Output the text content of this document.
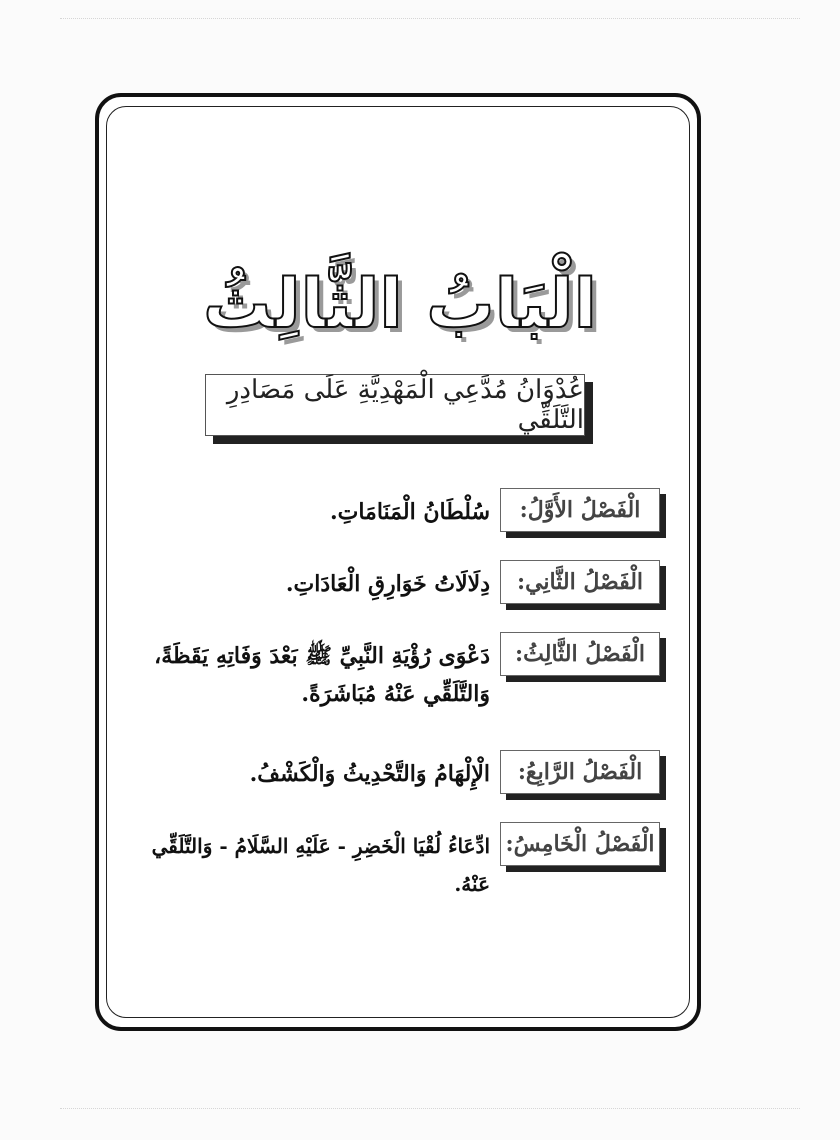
الْبَابُ الثَّالِثُ
عُدْوَانُ مُدَّعِي الْمَهْدِيَّةِ عَلَى مَصَادِرِ التَّلَقِّي
الْفَصْلُ الأَوَّلُ:
سُلْطَانُ الْمَنَامَاتِ.
الْفَصْلُ الثَّانِي:
دِلَالَاتُ خَوَارِقِ الْعَادَاتِ.
الْفَصْلُ الثَّالِثُ:
دَعْوَى رُؤْيَةِ النَّبِيِّ ﷺ بَعْدَ وَفَاتِهِ يَقَظَةً، وَالتَّلَقِّي عَنْهُ مُبَاشَرَةً.
الْفَصْلُ الرَّابِعُ:
الْإِلْهَامُ وَالتَّحْدِيثُ وَالْكَشْفُ.
الْفَصْلُ الْخَامِسُ:
ادِّعَاءُ لُقْيَا الْخَضِرِ - عَلَيْهِ السَّلَامُ - وَالتَّلَقِّي عَنْهُ.
